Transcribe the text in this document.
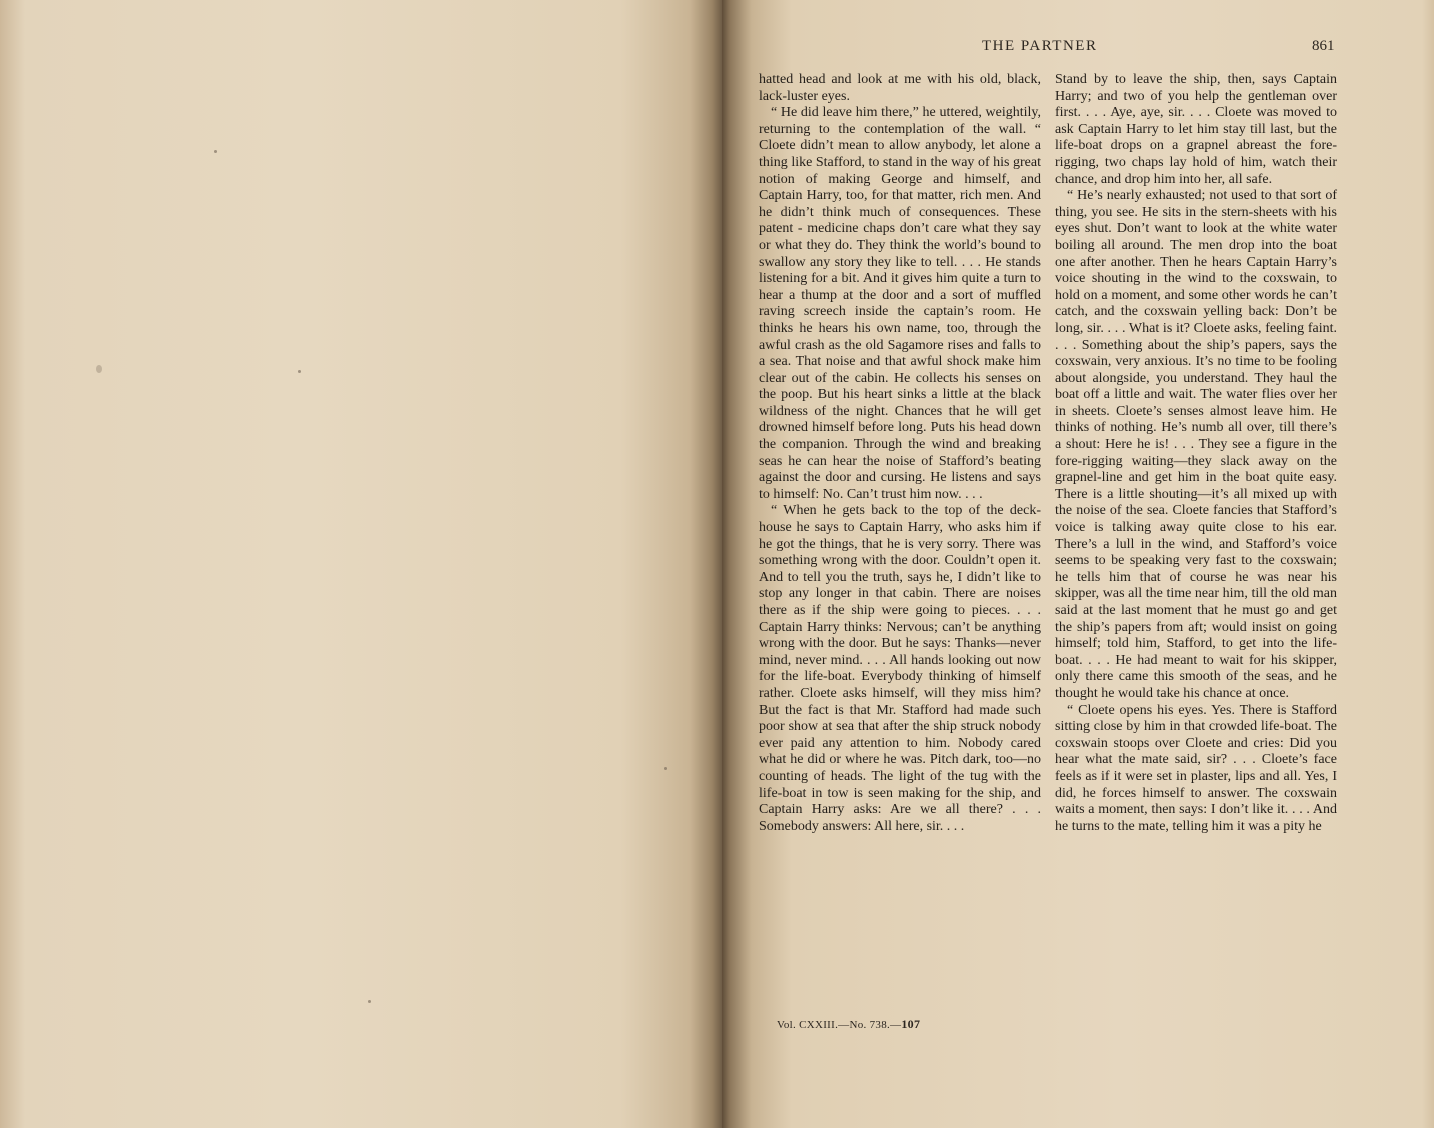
THE PARTNER	861

hatted head and look at me with his old, black, lack-luster eyes.

“ He did leave him there,” he uttered, weightily, returning to the contemplation of the wall. “ Cloete didn’t mean to allow anybody, let alone a thing like Stafford, to stand in the way of his great notion of making George and himself, and Captain Harry, too, for that matter, rich men. And he didn’t think much of consequences. These patent - medicine chaps don’t care what they say or what they do. They think the world’s bound to swallow any story they like to tell. . . . He stands listening for a bit. And it gives him quite a turn to hear a thump at the door and a sort of muffled raving screech inside the captain’s room. He thinks he hears his own name, too, through the awful crash as the old Sagamore rises and falls to a sea. That noise and that awful shock make him clear out of the cabin. He collects his senses on the poop. But his heart sinks a little at the black wildness of the night. Chances that he will get drowned himself before long. Puts his head down the companion. Through the wind and breaking seas he can hear the noise of Stafford’s beating against the door and cursing. He listens and says to himself: No. Can’t trust him now. . . .

“ When he gets back to the top of the deck-house he says to Captain Harry, who asks him if he got the things, that he is very sorry. There was something wrong with the door. Couldn’t open it. And to tell you the truth, says he, I didn’t like to stop any longer in that cabin. There are noises there as if the ship were going to pieces. . . . Captain Harry thinks: Nervous; can’t be anything wrong with the door. But he says: Thanks—never mind, never mind. . . . All hands looking out now for the life-boat. Everybody thinking of himself rather. Cloete asks himself, will they miss him? But the fact is that Mr. Stafford had made such poor show at sea that after the ship struck nobody ever paid any attention to him. Nobody cared what he did or where he was. Pitch dark, too—no counting of heads. The light of the tug with the life-boat in tow is seen making for the ship, and Captain Harry asks: Are we all there? . . . Somebody answers: All here, sir. . . .

Stand by to leave the ship, then, says Captain Harry; and two of you help the gentleman over first. . . . Aye, aye, sir. . . . Cloete was moved to ask Captain Harry to let him stay till last, but the life-boat drops on a grapnel abreast the fore-rigging, two chaps lay hold of him, watch their chance, and drop him into her, all safe.

“ He’s nearly exhausted; not used to that sort of thing, you see. He sits in the stern-sheets with his eyes shut. Don’t want to look at the white water boiling all around. The men drop into the boat one after another. Then he hears Captain Harry’s voice shouting in the wind to the coxswain, to hold on a moment, and some other words he can’t catch, and the coxswain yelling back: Don’t be long, sir. . . . What is it? Cloete asks, feeling faint. . . . Something about the ship’s papers, says the coxswain, very anxious. It’s no time to be fooling about alongside, you understand. They haul the boat off a little and wait. The water flies over her in sheets. Cloete’s senses almost leave him. He thinks of nothing. He’s numb all over, till there’s a shout: Here he is! . . . They see a figure in the fore-rigging waiting—they slack away on the grapnel-line and get him in the boat quite easy. There is a little shouting—it’s all mixed up with the noise of the sea. Cloete fancies that Stafford’s voice is talking away quite close to his ear. There’s a lull in the wind, and Stafford’s voice seems to be speaking very fast to the coxswain; he tells him that of course he was near his skipper, was all the time near him, till the old man said at the last moment that he must go and get the ship’s papers from aft; would insist on going himself; told him, Stafford, to get into the life-boat. . . . He had meant to wait for his skipper, only there came this smooth of the seas, and he thought he would take his chance at once.

“ Cloete opens his eyes. Yes. There is Stafford sitting close by him in that crowded life-boat. The coxswain stoops over Cloete and cries: Did you hear what the mate said, sir? . . . Cloete’s face feels as if it were set in plaster, lips and all. Yes, I did, he forces himself to answer. The coxswain waits a moment, then says: I don’t like it. . . . And he turns to the mate, telling him it was a pity he

Vol. CXXIII.—No. 738.—107
